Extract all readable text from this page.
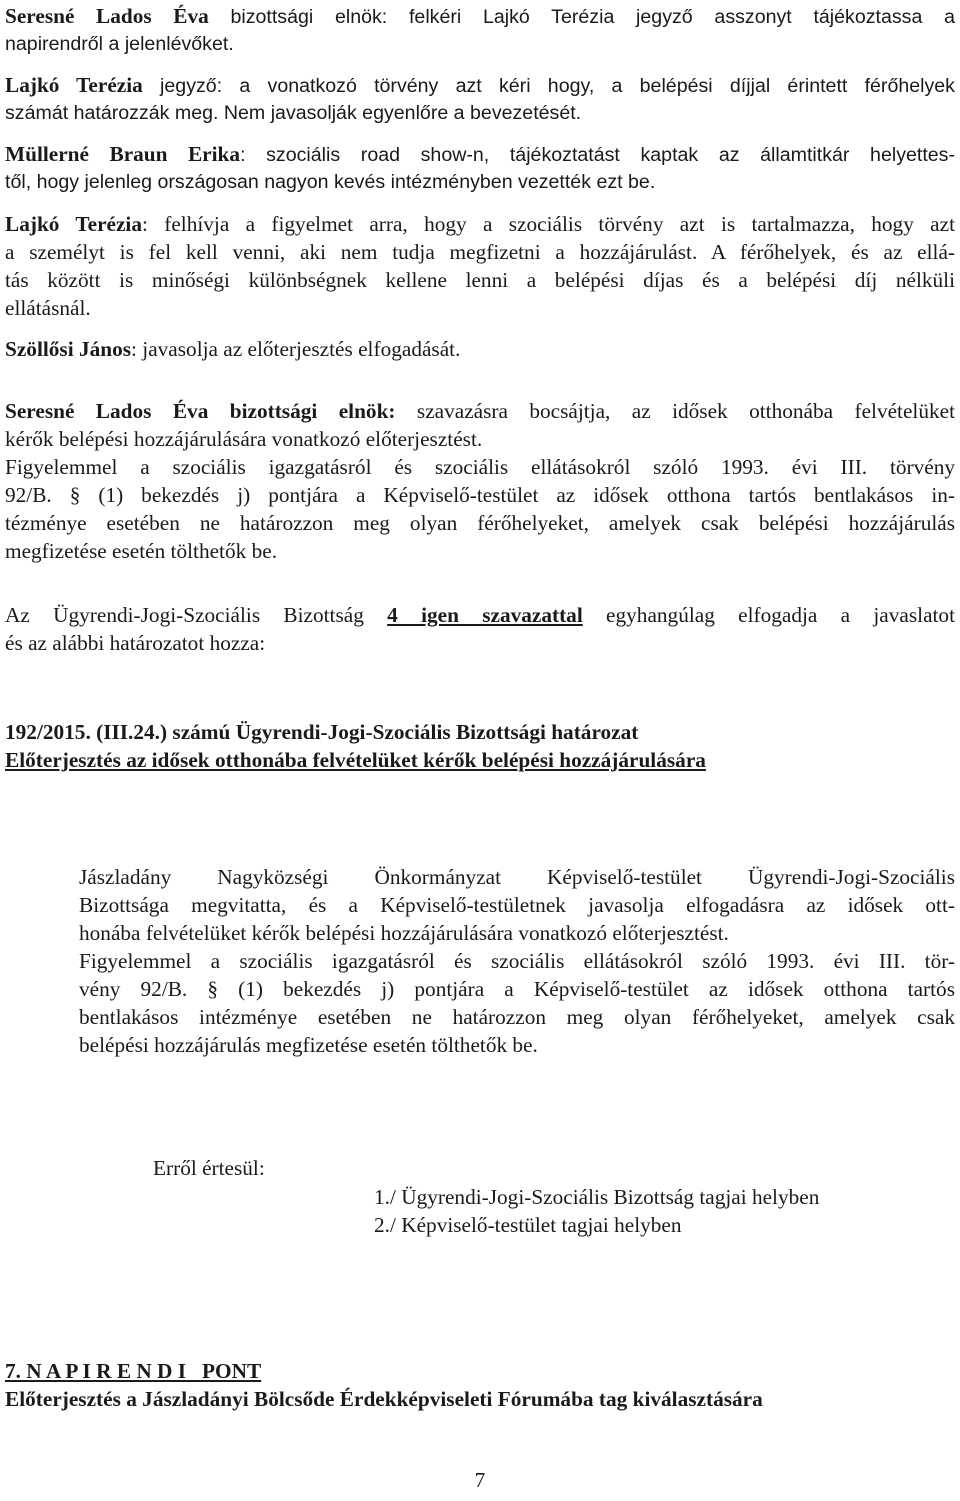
Seresné Lados Éva bizottsági elnök: felkéri Lajkó Terézia jegyző asszonyt tájékoztassa a

napirendről a jelenlévőket.

Lajkó Terézia jegyző: a vonatkozó törvény azt kéri hogy, a belépési díjjal érintett férőhelyek

számát határozzák meg. Nem javasolják egyenlőre a bevezetését.

Müllerné Braun Erika: szociális road show-n, tájékoztatást kaptak az államtitkár helyettes-

től, hogy jelenleg országosan nagyon kevés intézményben vezették ezt be.

Lajkó Terézia: felhívja a figyelmet arra, hogy a szociális törvény azt is tartalmazza, hogy azt

a személyt is fel kell venni, aki nem tudja megfizetni a hozzájárulást. A férőhelyek, és az ellá-

tás között is minőségi különbségnek kellene lenni a belépési díjas és a belépési díj nélküli

ellátásnál.

Szöllősi János: javasolja az előterjesztés elfogadását.

Seresné Lados Éva bizottsági elnök: szavazásra bocsájtja, az idősek otthonába felvételüket

kérők belépési hozzájárulására vonatkozó előterjesztést.

Figyelemmel a szociális igazgatásról és szociális ellátásokról szóló 1993. évi III. törvény

92/B. § (1) bekezdés j) pontjára a Képviselő-testület az idősek otthona tartós bentlakásos in-

tézménye esetében ne határozzon meg olyan férőhelyeket, amelyek csak belépési hozzájárulás

megfizetése esetén tölthetők be.

Az Ügyrendi-Jogi-Szociális Bizottság 4 igen szavazattal egyhangúlag elfogadja a javaslatot

és az alábbi határozatot hozza:

192/2015. (III.24.) számú Ügyrendi-Jogi-Szociális Bizottsági határozat

Előterjesztés az idősek otthonába felvételüket kérők belépési hozzájárulására

Jászladány Nagyközségi Önkormányzat Képviselő-testület Ügyrendi-Jogi-Szociális

Bizottsága megvitatta, és a Képviselő-testületnek javasolja elfogadásra az idősek ott-

honába felvételüket kérők belépési hozzájárulására vonatkozó előterjesztést.

Figyelemmel a szociális igazgatásról és szociális ellátásokról szóló 1993. évi III. tör-

vény 92/B. § (1) bekezdés j) pontjára a Képviselő-testület az idősek otthona tartós

bentlakásos intézménye esetében ne határozzon meg olyan férőhelyeket, amelyek csak

belépési hozzájárulás megfizetése esetén tölthetők be.

Erről értesül:

1./ Ügyrendi-Jogi-Szociális Bizottság tagjai helyben

2./ Képviselő-testület tagjai helyben

7. N A P I R E N D I   PONT

Előterjesztés a Jászladányi Bölcsőde Érdekképviseleti Fórumába tag kiválasztására

7
